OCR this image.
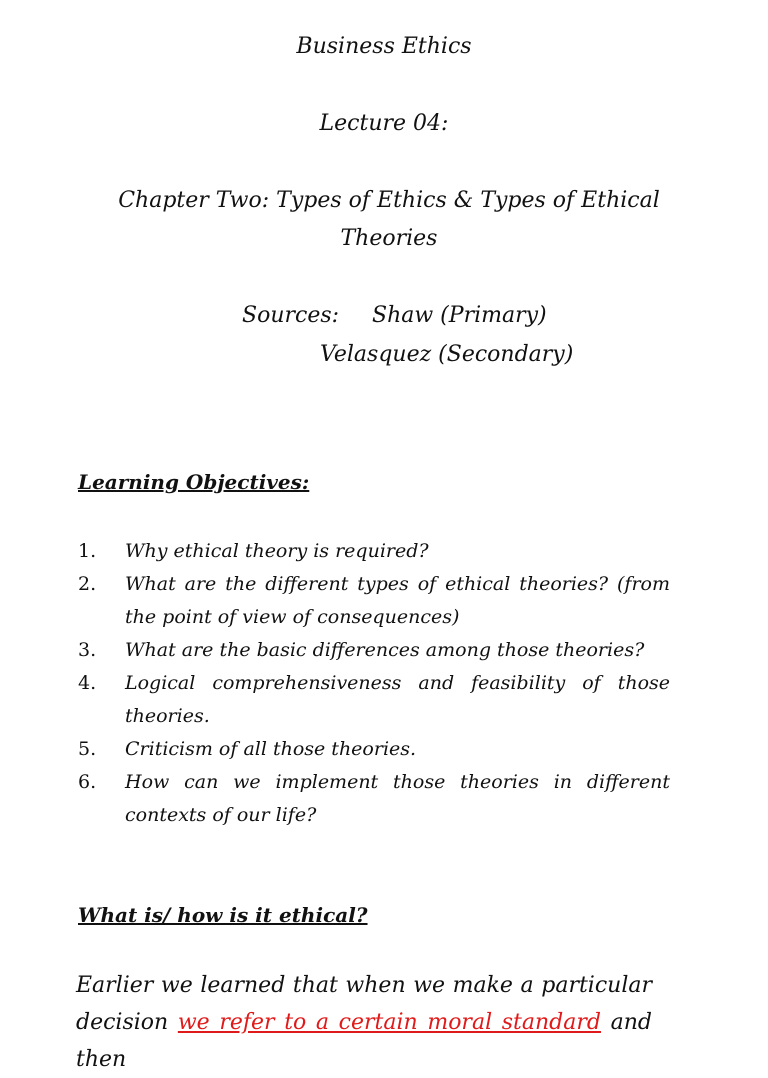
Business Ethics
Lecture 04:
Chapter Two: Types of Ethics & Types of Ethical Theories
Sources: Shaw (Primary)
Velasquez (Secondary)
Learning Objectives:
1.	Why ethical theory is required?
2.	What are the different types of ethical theories? (from the point of view of consequences)
3.	What are the basic differences among those theories?
4.	Logical comprehensiveness and feasibility of those theories.
5.	Criticism of all those theories.
6.	How can we implement those theories in different contexts of our life?
What is/ how is it ethical?

Earlier we learned that when we make a particular decision we refer to a certain moral standard and then
